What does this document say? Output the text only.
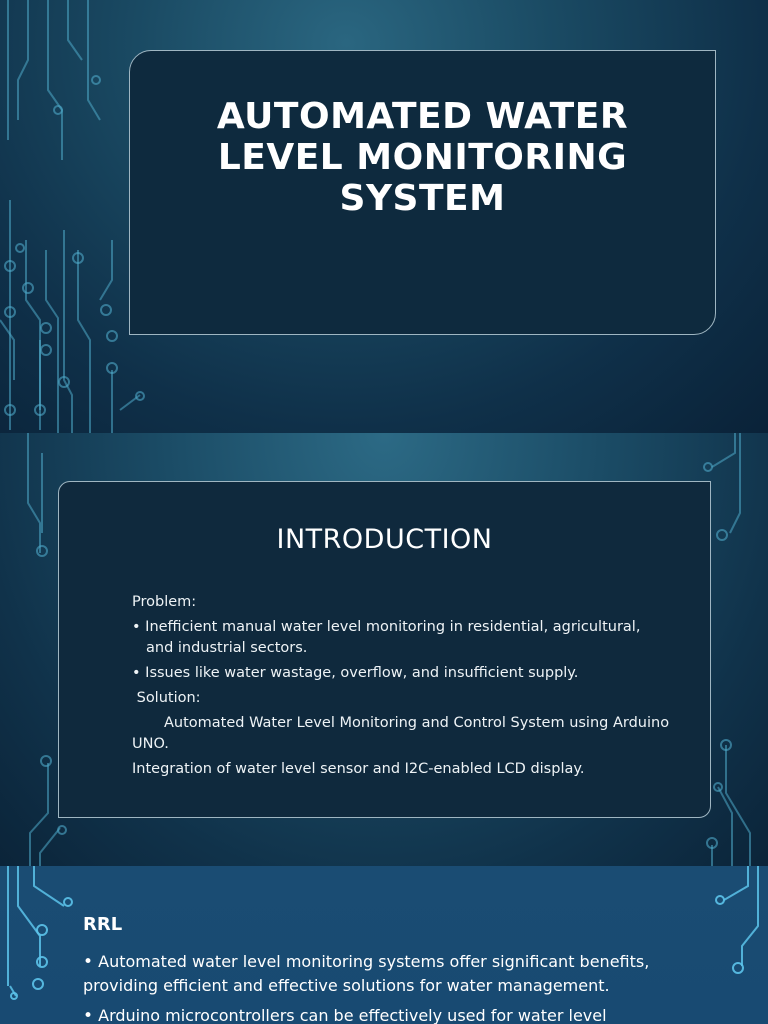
AUTOMATED WATER LEVEL MONITORING SYSTEM
INTRODUCTION

Problem:

• Inefficient manual water level monitoring in residential, agricultural, and industrial sectors.

• Issues like water wastage, overflow, and insufficient supply.

Solution:

Automated Water Level Monitoring and Control System using Arduino UNO.

Integration of water level sensor and I2C-enabled LCD display.

RRL

• Automated water level monitoring systems offer significant benefits, providing efficient and effective solutions for water management.

• Arduino microcontrollers can be effectively used for water level
